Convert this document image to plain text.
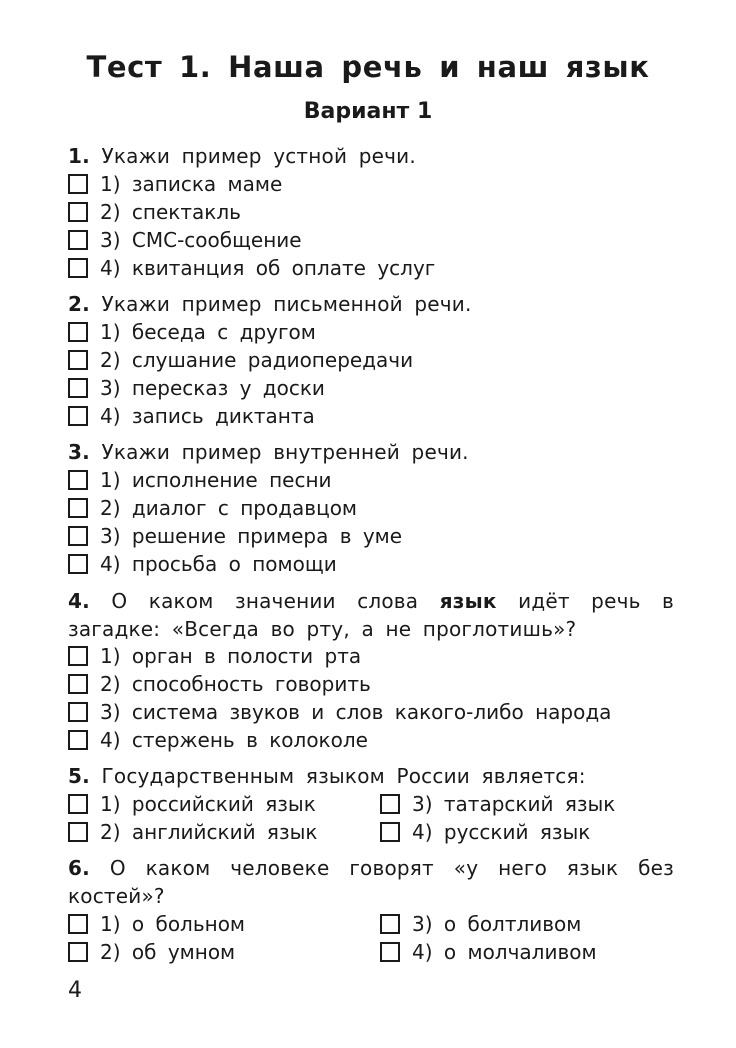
Тест 1. Наша речь и наш язык
Вариант 1
1. Укажи пример устной речи.
1) записка маме
2) спектакль
3) СМС-сообщение
4) квитанция об оплате услуг
2. Укажи пример письменной речи.
1) беседа с другом
2) слушание радиопередачи
3) пересказ у доски
4) запись диктанта
3. Укажи пример внутренней речи.
1) исполнение песни
2) диалог с продавцом
3) решение примера в уме
4) просьба о помощи
4. О каком значении слова язык идёт речь в загадке: «Всегда во рту, а не проглотишь»?
1) орган в полости рта
2) способность говорить
3) система звуков и слов какого-либо народа
4) стержень в колоколе
5. Государственным языком России является:
1) российский язык
2) английский язык
3) татарский язык
4) русский язык
6. О каком человеке говорят «у него язык без костей»?
1) о больном
2) об умном
3) о болтливом
4) о молчаливом
4
